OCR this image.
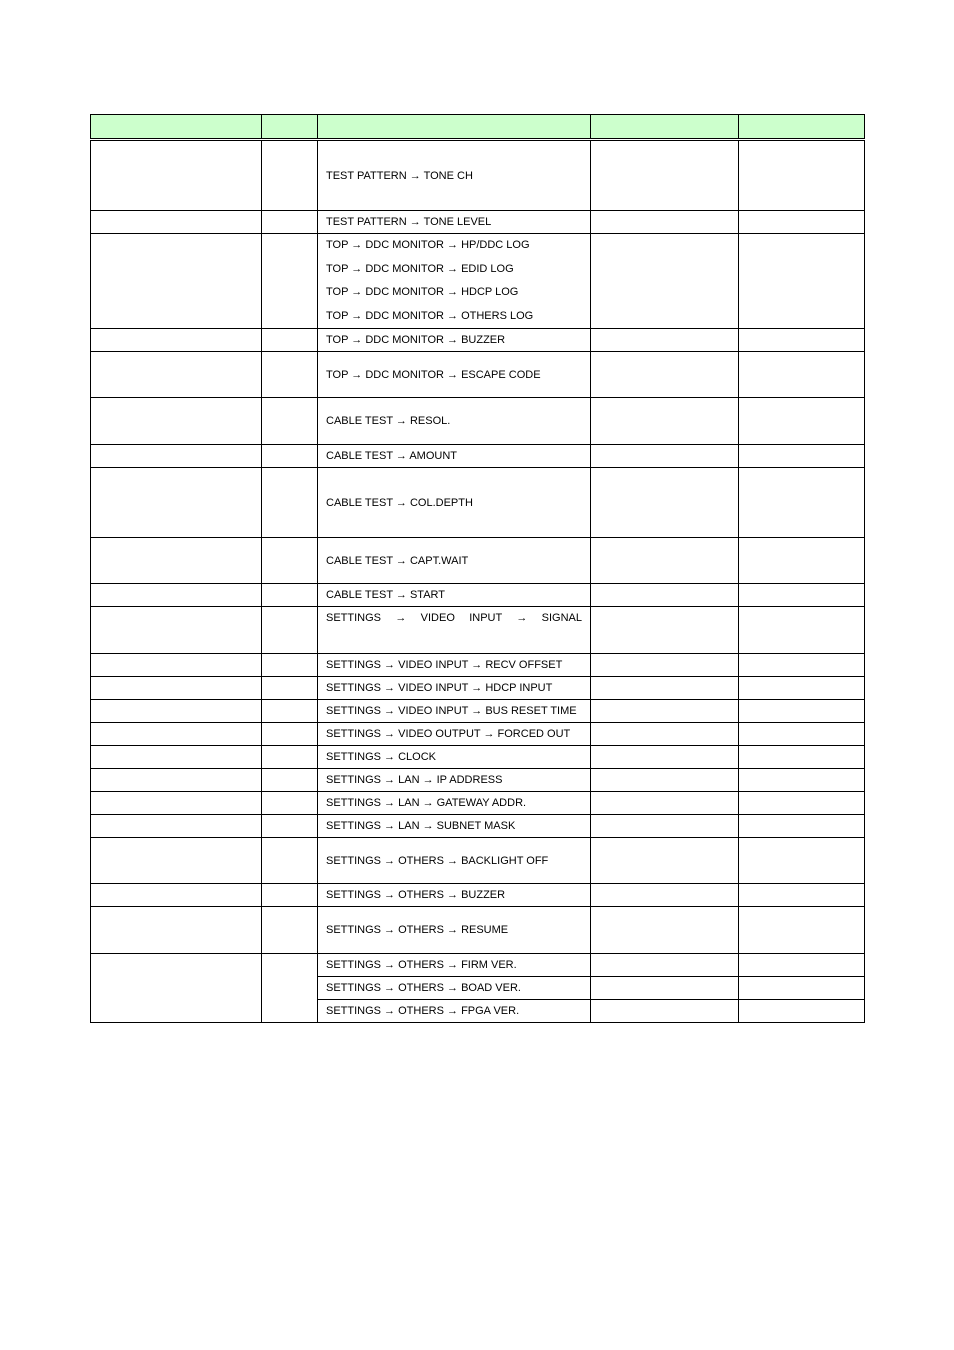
		TEST PATTERN → TONE CH		

		TEST PATTERN → TONE LEVEL		

		TOP → DDC MONITOR → HP/DDC LOG
TOP → DDC MONITOR → EDID LOG
TOP → DDC MONITOR → HDCP LOG
TOP → DDC MONITOR → OTHERS LOG		

		TOP → DDC MONITOR → BUZZER		

		TOP → DDC MONITOR → ESCAPE CODE		

		CABLE TEST → RESOL.		

		CABLE TEST → AMOUNT		

		CABLE TEST → COL.DEPTH		

		CABLE TEST → CAPT.WAIT		

		CABLE TEST → START		

		SETTINGS → VIDEO INPUT → SIGNAL		

		SETTINGS → VIDEO INPUT → RECV OFFSET		

		SETTINGS → VIDEO INPUT → HDCP INPUT		

		SETTINGS → VIDEO INPUT → BUS RESET TIME		

		SETTINGS → VIDEO OUTPUT → FORCED OUT		

		SETTINGS → CLOCK		

		SETTINGS → LAN → IP ADDRESS		

		SETTINGS → LAN → GATEWAY ADDR.		

		SETTINGS → LAN → SUBNET MASK		

		SETTINGS → OTHERS → BACKLIGHT OFF		

		SETTINGS → OTHERS → BUZZER		

		SETTINGS → OTHERS → RESUME		

		SETTINGS → OTHERS → FIRM VER.		

		SETTINGS → OTHERS → BOAD VER.		

		SETTINGS → OTHERS → FPGA VER.		
